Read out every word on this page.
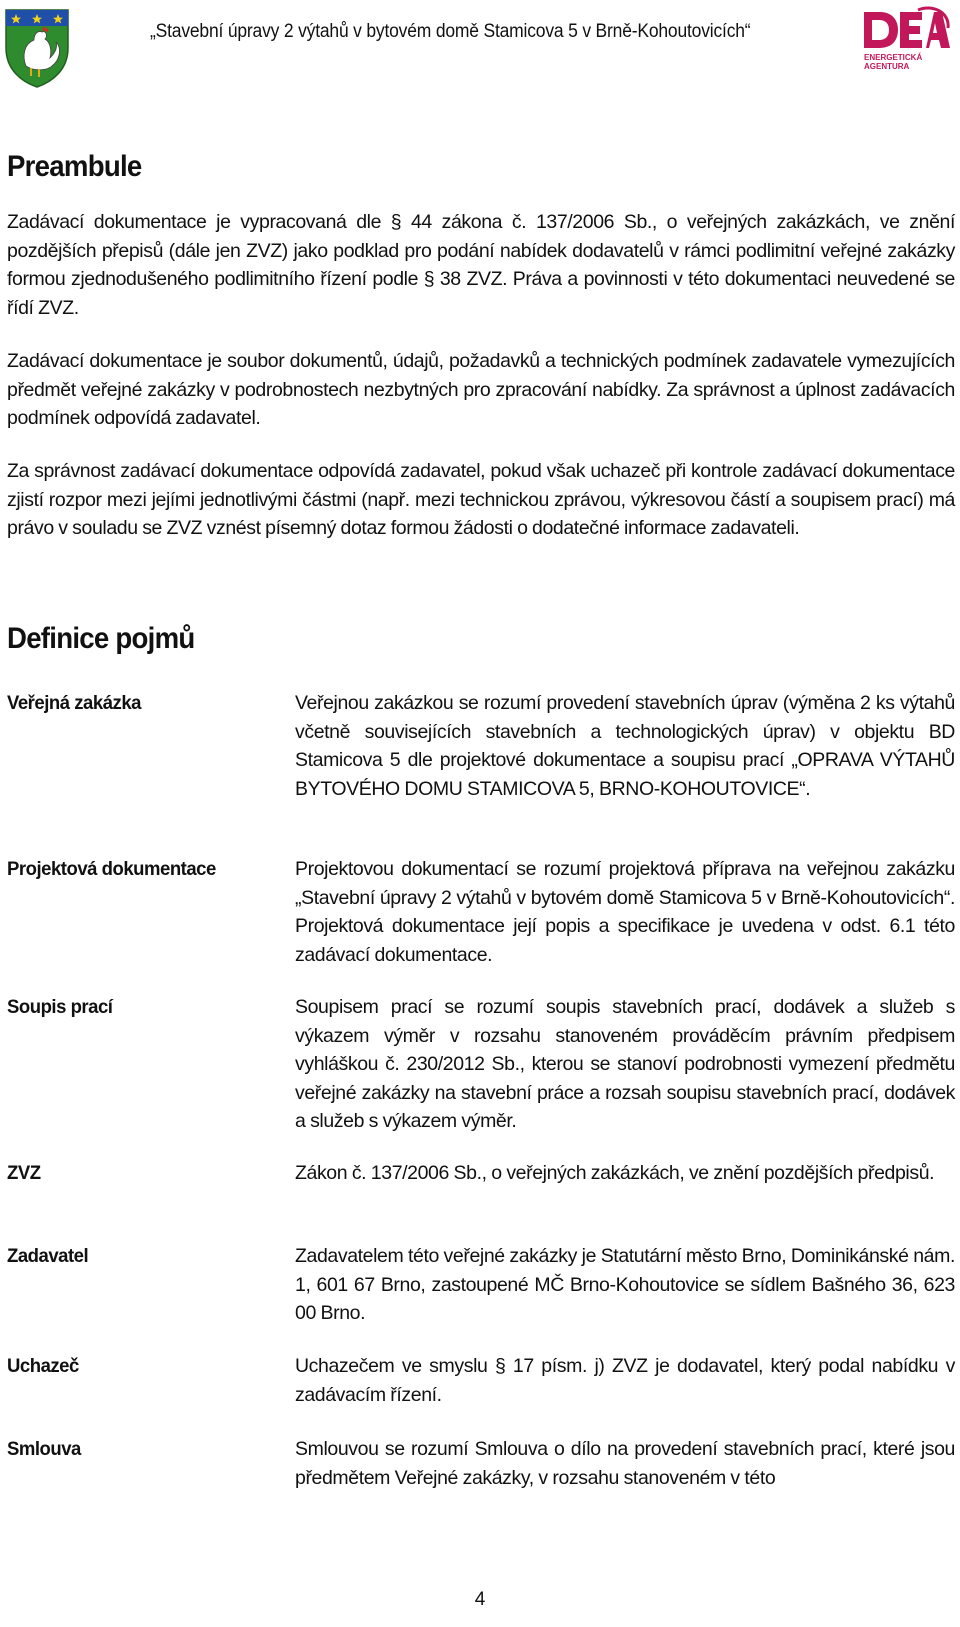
„Stavební úpravy 2 výtahů v bytovém domě Stamicova 5 v Brně-Kohoutovicích“
ENERGETICKÁ
AGENTURA
Preambule

Zadávací dokumentace je vypracovaná dle § 44 zákona č. 137/2006 Sb., o veřejných zakázkách, ve znění pozdějších přepisů (dále jen ZVZ) jako podklad pro podání nabídek dodavatelů v rámci podlimitní veřejné zakázky formou zjednodušeného podlimitního řízení podle § 38 ZVZ. Práva a povinnosti v této dokumentaci neuvedené se řídí ZVZ.

Zadávací dokumentace je soubor dokumentů, údajů, požadavků a technických podmínek zadavatele vymezujících předmět veřejné zakázky v podrobnostech nezbytných pro zpracování nabídky. Za správnost a úplnost zadávacích podmínek odpovídá zadavatel.

Za správnost zadávací dokumentace odpovídá zadavatel, pokud však uchazeč při kontrole zadávací dokumentace zjistí rozpor mezi jejími jednotlivými částmi (např. mezi technickou zprávou, výkresovou částí a soupisem prací) má právo v souladu se ZVZ vznést písemný dotaz formou žádosti o dodatečné informace zadavateli.

Definice pojmů
Veřejná zakázka	Veřejnou zakázkou se rozumí provedení stavebních úprav (výměna 2 ks výtahů včetně souvisejících stavebních a technologických úprav) v objektu BD Stamicova 5 dle projektové dokumentace a soupisu prací „OPRAVA VÝTAHŮ BYTOVÉHO DOMU STAMICOVA 5, BRNO-KOHOUTOVICE“.
Projektová dokumentace	Projektovou dokumentací se rozumí projektová příprava na veřejnou zakázku „Stavební úpravy 2 výtahů v bytovém domě Stamicova 5 v Brně-Kohoutovicích“. Projektová dokumentace její popis a specifikace je uvedena v odst. 6.1 této zadávací dokumentace.
Soupis prací	Soupisem prací se rozumí soupis stavebních prací, dodávek a služeb s výkazem výměr v rozsahu stanoveném prováděcím právním předpisem vyhláškou č. 230/2012 Sb., kterou se stanoví podrobnosti vymezení předmětu veřejné zakázky na stavební práce a rozsah soupisu stavebních prací, dodávek a služeb s výkazem výměr.
ZVZ	Zákon č. 137/2006 Sb., o veřejných zakázkách, ve znění pozdějších předpisů.
Zadavatel	Zadavatelem této veřejné zakázky je Statutární město Brno, Dominikánské nám. 1, 601 67 Brno, zastoupené MČ Brno-Kohoutovice se sídlem Bašného 36, 623 00 Brno.
Uchazeč	Uchazečem ve smyslu § 17 písm. j) ZVZ je dodavatel, který podal nabídku v zadávacím řízení.
Smlouva	Smlouvou se rozumí Smlouva o dílo na provedení stavebních prací, které jsou předmětem Veřejné zakázky, v rozsahu stanoveném v této
4
